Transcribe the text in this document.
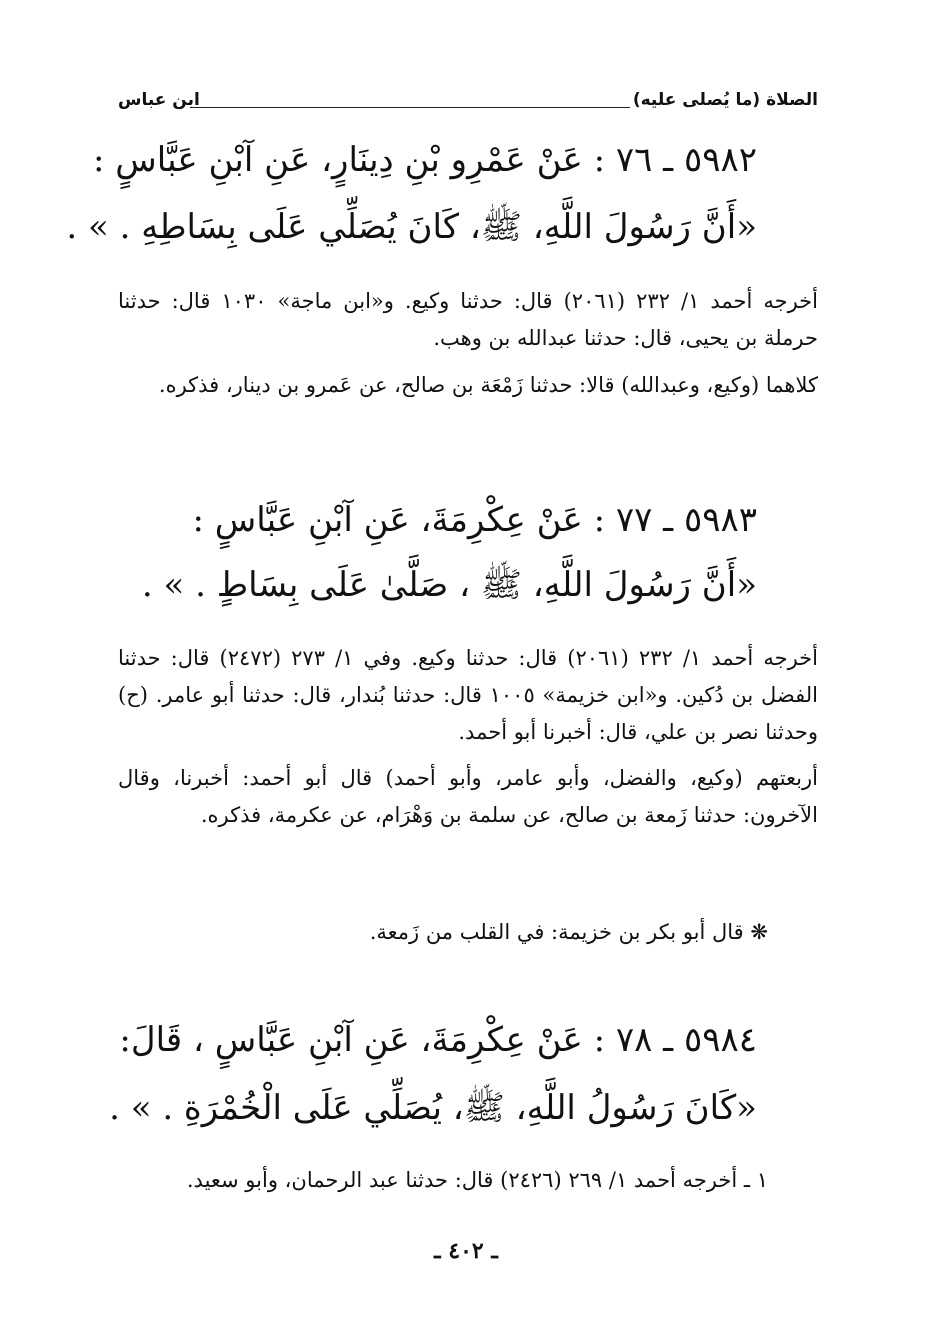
الصلاة (ما يُصلى عليه)
ابن عباس
٥٩٨٢ ـ ٧٦ : عَنْ عَمْرِو بْنِ دِينَارٍ، عَنِ آبْنِ عَبَّاسٍ :
«أَنَّ رَسُولَ اللَّهِ، ﷺ، كَانَ يُصَلِّي عَلَى بِسَاطِهِ . » .

أخرجه أحمد ١/ ٢٣٢ (٢٠٦١) قال: حدثنا وكيع. و«ابن ماجة» ١٠٣٠ قال: حدثنا حرملة بن يحيى، قال: حدثنا عبدالله بن وهب.

كلاهما (وكيع، وعبدالله) قالا: حدثنا زَمْعَة بن صالح، عن عَمرو بن دينار، فذكره.

٥٩٨٣ ـ ٧٧ : عَنْ عِكْرِمَةَ، عَنِ آبْنِ عَبَّاسٍ :
«أَنَّ رَسُولَ اللَّهِ، ﷺ ، صَلَّىٰ عَلَى بِسَاطٍ . » .

أخرجه أحمد ١/ ٢٣٢ (٢٠٦١) قال: حدثنا وكيع. وفي ١/ ٢٧٣ (٢٤٧٢) قال: حدثنا الفضل بن دُكين. و«ابن خزيمة» ١٠٠٥ قال: حدثنا بُندار، قال: حدثنا أبو عامر. (ح) وحدثنا نصر بن علي، قال: أخبرنا أبو أحمد.

أربعتهم (وكيع، والفضل، وأبو عامر، وأبو أحمد) قال أبو أحمد: أخبرنا، وقال الآخرون: حدثنا زَمعة بن صالح، عن سلمة بن وَهْرَام، عن عكرمة، فذكره.

❋ قال أبو بكر بن خزيمة: في القلب من زَمعة.
٥٩٨٤ ـ ٧٨ : عَنْ عِكْرِمَةَ، عَنِ آبْنِ عَبَّاسٍ ، قَالَ:
«كَانَ رَسُولُ اللَّهِ، ﷺ، يُصَلِّي عَلَى الْخُمْرَةِ . » .
١ ـ أخرجه أحمد ١/ ٢٦٩ (٢٤٢٦) قال: حدثنا عبد الرحمان، وأبو سعيد.
ـ ٤٠٢ ـ
